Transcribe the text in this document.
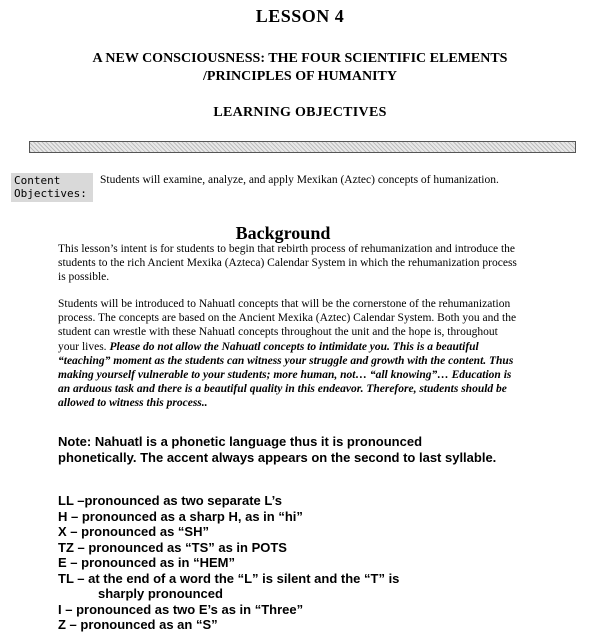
LESSON 4
A NEW CONSCIOUSNESS: THE FOUR SCIENTIFIC ELEMENTS
/PRINCIPLES OF HUMANITY
LEARNING OBJECTIVES
Content Objectives:
Students will examine, analyze, and apply Mexikan (Aztec) concepts of humanization.
Background
This lesson’s intent is for students to begin that rebirth process of rehumanization and introduce the students to the rich Ancient Mexika (Azteca) Calendar System in which the rehumanization process is possible.
Students will be introduced to Nahuatl concepts that will be the cornerstone of the rehumanization process. The concepts are based on the Ancient Mexika (Aztec) Calendar System. Both you and the student can wrestle with these Nahuatl concepts throughout the unit and the hope is, throughout your lives. Please do not allow the Nahuatl concepts to intimidate you. This is a beautiful “teaching” moment as the students can witness your struggle and growth with the content. Thus making yourself vulnerable to your students; more human, not… “all knowing”… Education is an arduous task and there is a beautiful quality in this endeavor. Therefore, students should be allowed to witness this process..
Note: Nahuatl is a phonetic language thus it is pronounced phonetically. The accent always appears on the second to last syllable.
LL –pronounced as two separate L’s
H – pronounced as a sharp H, as in “hi”
X – pronounced as “SH”
TZ – pronounced as “TS” as in POTS
E – pronounced as in “HEM”
TL – at the end of a word the “L” is silent and the “T” is
sharply pronounced
I – pronounced as two E’s as in “Three”
Z – pronounced as an “S”
